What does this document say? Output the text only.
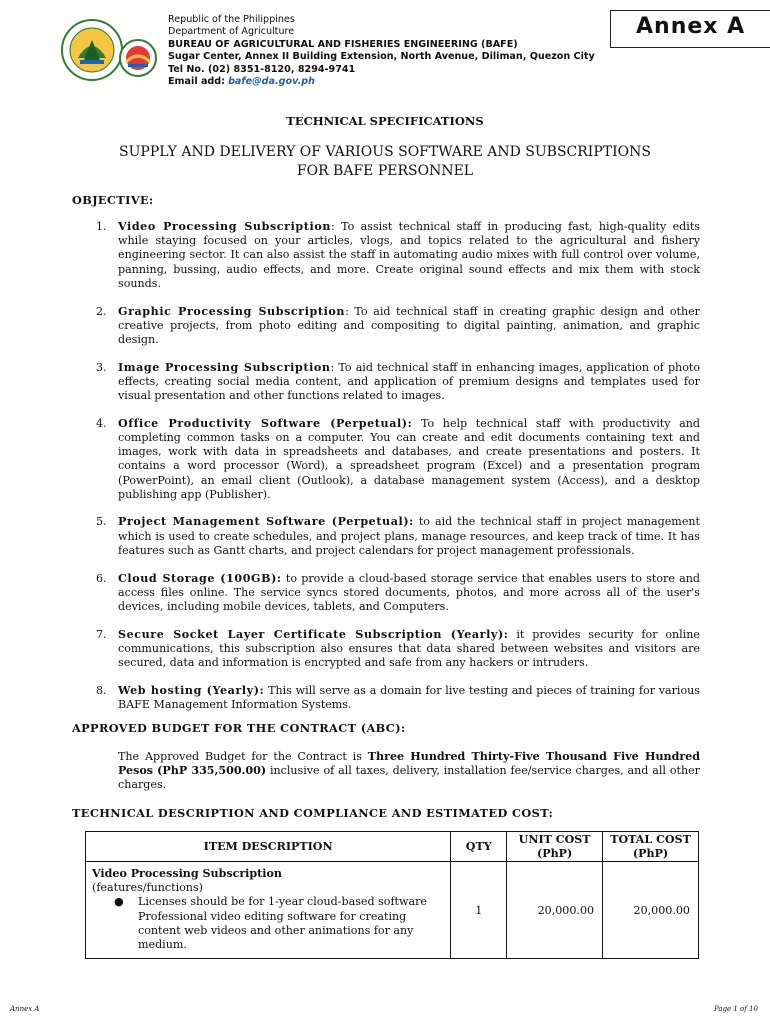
Republic of the Philippines
Department of Agriculture
BUREAU OF AGRICULTURAL AND FISHERIES ENGINEERING (BAFE)
Sugar Center, Annex II Building Extension, North Avenue, Diliman, Quezon City
Tel No. (02) 8351-8120, 8294-9741
Email add: bafe@da.gov.ph
Annex A
TECHNICAL SPECIFICATIONS
SUPPLY AND DELIVERY OF VARIOUS SOFTWARE AND SUBSCRIPTIONS
FOR BAFE PERSONNEL
OBJECTIVE:
1. Video Processing Subscription: To assist technical staff in producing fast, high-quality edits while staying focused on your articles, vlogs, and topics related to the agricultural and fishery engineering sector. It can also assist the staff in automating audio mixes with full control over volume, panning, bussing, audio effects, and more. Create original sound effects and mix them with stock sounds.
2. Graphic Processing Subscription: To aid technical staff in creating graphic design and other creative projects, from photo editing and compositing to digital painting, animation, and graphic design.
3. Image Processing Subscription: To aid technical staff in enhancing images, application of photo effects, creating social media content, and application of premium designs and templates used for visual presentation and other functions related to images.
4. Office Productivity Software (Perpetual): To help technical staff with productivity and completing common tasks on a computer. You can create and edit documents containing text and images, work with data in spreadsheets and databases, and create presentations and posters. It contains a word processor (Word), a spreadsheet program (Excel) and a presentation program (PowerPoint), an email client (Outlook), a database management system (Access), and a desktop publishing app (Publisher).
5. Project Management Software (Perpetual): to aid the technical staff in project management which is used to create schedules, and project plans, manage resources, and keep track of time. It has features such as Gantt charts, and project calendars for project management professionals.
6. Cloud Storage (100GB): to provide a cloud-based storage service that enables users to store and access files online. The service syncs stored documents, photos, and more across all of the user's devices, including mobile devices, tablets, and Computers.
7. Secure Socket Layer Certificate Subscription (Yearly): it provides security for online communications, this subscription also ensures that data shared between websites and visitors are secured, data and information is encrypted and safe from any hackers or intruders.
8. Web hosting (Yearly): This will serve as a domain for live testing and pieces of training for various BAFE Management Information Systems.
APPROVED BUDGET FOR THE CONTRACT (ABC):
The Approved Budget for the Contract is Three Hundred Thirty-Five Thousand Five Hundred Pesos (PhP 335,500.00) inclusive of all taxes, delivery, installation fee/service charges, and all other charges.
TECHNICAL DESCRIPTION AND COMPLIANCE AND ESTIMATED COST:
ITEM DESCRIPTION	QTY	UNIT COST (PhP)	TOTAL COST (PhP)

Video Processing Subscription
(features/functions)
● Licenses should be for 1-year cloud-based software Professional video editing software for creating content web videos and other animations for any medium.	1	20,000.00	20,000.00
Annex A	Page 1 of 10
